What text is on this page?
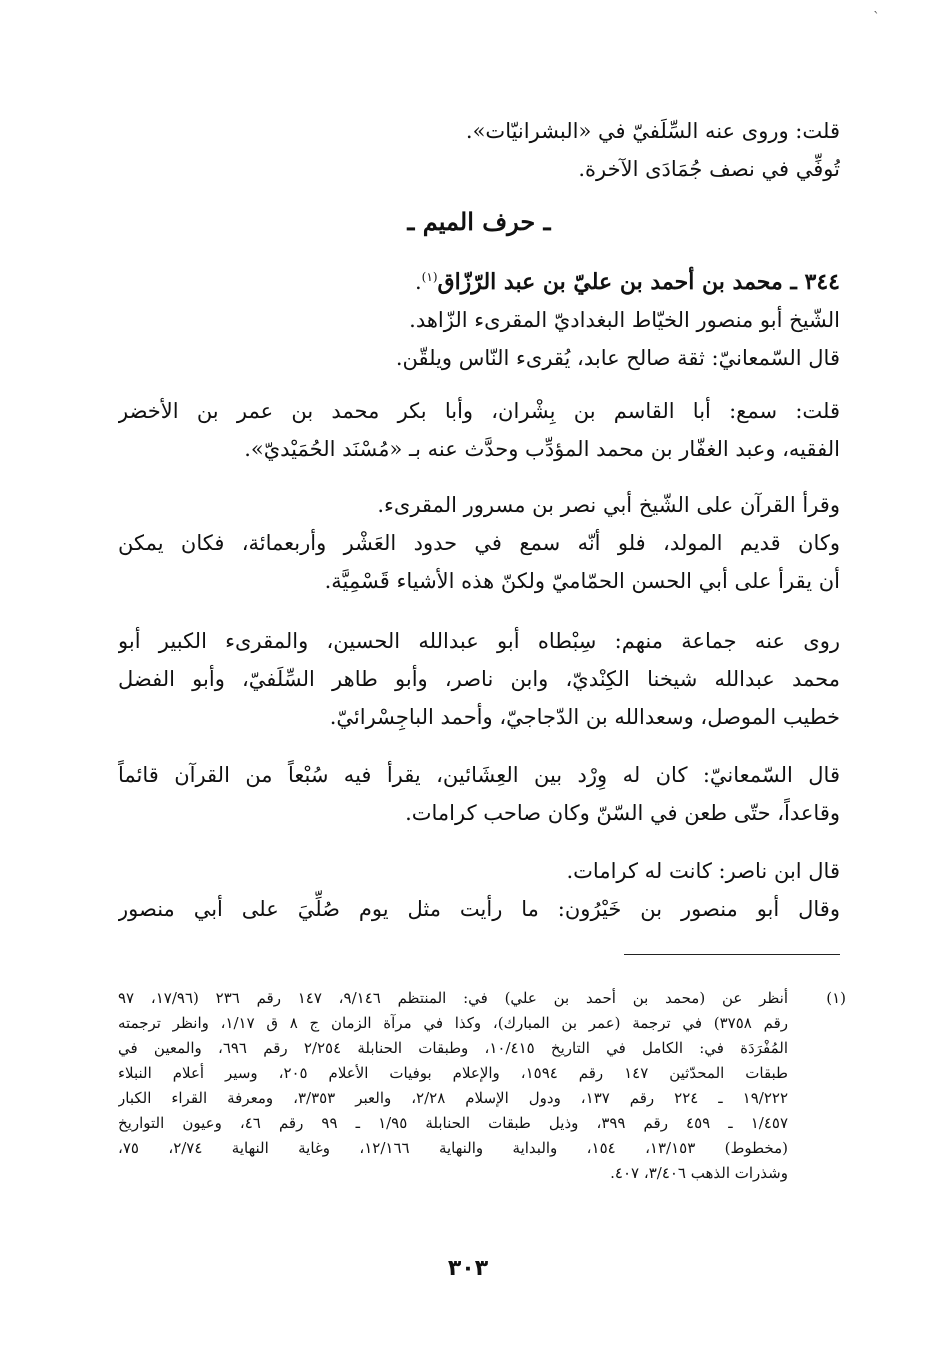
`
قلت: وروى عنه السِّلَفيّ في «البشرانيّات».
تُوفِّي في نصف جُمَادَى الآخرة.
ـ حرف الميم ـ
٣٤٤ ـ محمد بن أحمد بن عليّ بن عبد الرّزّاق$^{(١)}$.
الشّيخ أبو منصور الخيّاط البغداديّ المقرىء الزّاهد.
قال السّمعانيّ: ثقة صالح عابد، يُقرىء النّاس ويلقّن.
قلت: سمع: أبا القاسم بن بِشْران، وأبا بكر محمد بن عمر بن الأخضر
الفقيه، وعبد الغفّار بن محمد المؤدِّب وحدَّث عنه بـ «مُسْنَد الحُمَيْديّ».
وقرأ القرآن على الشّيخ أبي نصر بن مسرور المقرىء.
وكان قديم المولد، فلو أنّه سمع في حدود العَشْر وأربعمائة، فكان يمكن
أن يقرأ على أبي الحسن الحمّاميّ ولكنّ هذه الأشياء قَسْمِيَّة.
روى عنه جماعة منهم: سِبْطاه أبو عبدالله الحسين، والمقرىء الكبير أبو
محمد عبدالله شيخنا الكِنْديّ، وابن ناصر، وأبو طاهر السِّلَفيّ، وأبو الفضل
خطيب الموصل، وسعدالله بن الدّجاجيّ، وأحمد الباجِسْرائيّ.
قال السّمعانيّ: كان له وِرْد بين العِشَائين، يقرأ فيه سُبْعاً من القرآن قائماً
وقاعداً، حتّى طعن في السّنّ وكان صاحب كرامات.
قال ابن ناصر: كانت له كرامات.
وقال أبو منصور بن خَيْرُون: ما رأيت مثل يوم صُلِّيَ على أبي منصور
(١)
أنظر عن (محمد بن أحمد بن علي) في: المنتظم ٩/١٤٦، ١٤٧ رقم ٢٣٦ (١٧/٩٦، ٩٧
رقم ٣٧٥٨) في ترجمة (عمر بن المبارك)، وكذا في مرآة الزمان ج ٨ ق ١/١٧، وانظر ترجمته
المُفْرَدَة في: الكامل في التاريخ ١٠/٤١٥، وطبقات الحنابلة ٢/٢٥٤ رقم ٦٩٦، والمعين في
طبقات المحدّثين ١٤٧ رقم ١٥٩٤، والإعلام بوفيات الأعلام ٢٠٥، وسير أعلام النبلاء
١٩/٢٢٢ ـ ٢٢٤ رقم ١٣٧، ودول الإسلام ٢/٢٨، والعبر ٣/٣٥٣، ومعرفة القراء الكبار
١/٤٥٧ ـ ٤٥٩ رقم ٣٩٩، وذيل طبقات الحنابلة ١/٩٥ ـ ٩٩ رقم ٤٦، وعيون التواريخ
(مخطوط) ١٣/١٥٣، ١٥٤، والبداية والنهاية ١٢/١٦٦، وغاية النهاية ٢/٧٤، ٧٥،
وشذرات الذهب ٣/٤٠٦، ٤٠٧.
٣٠٣
